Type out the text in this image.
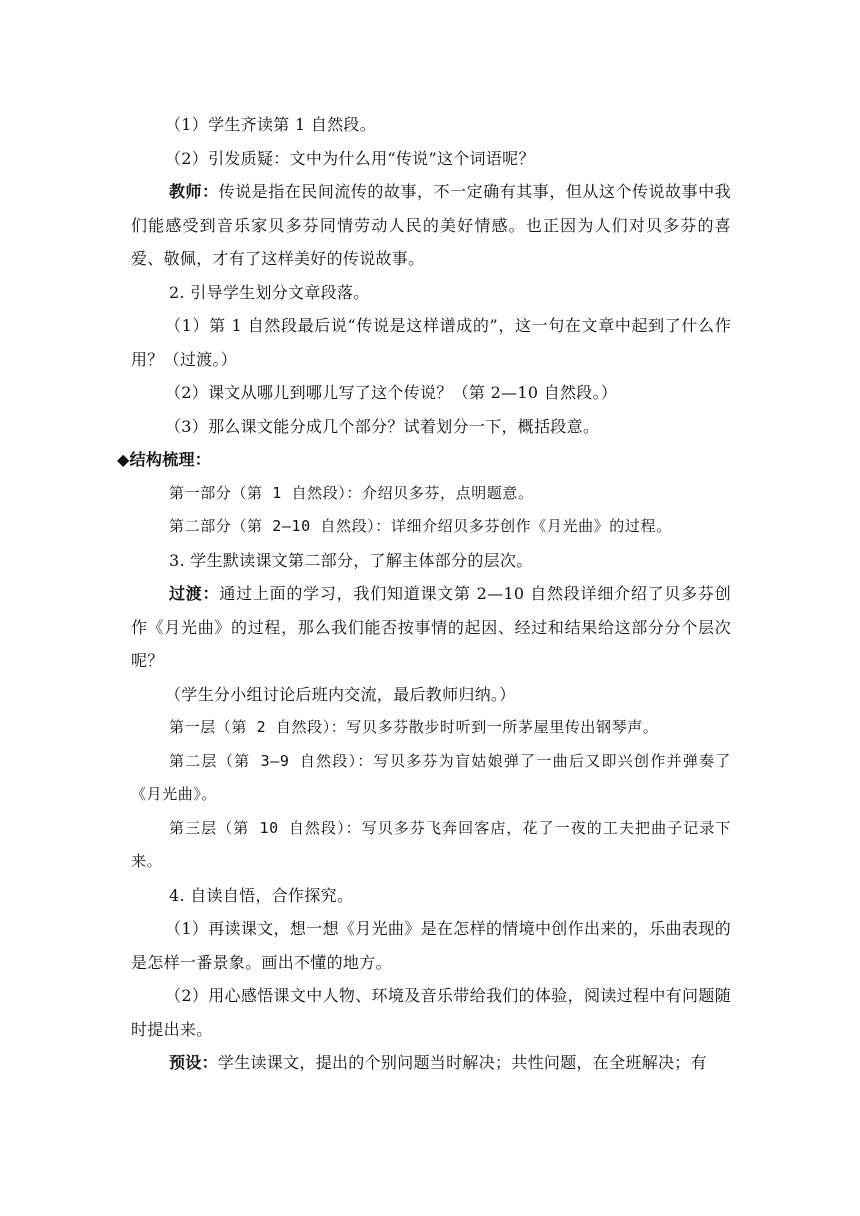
（1）学生齐读第 1 自然段。

（2）引发质疑：文中为什么用“传说”这个词语呢？

教师：传说是指在民间流传的故事，不一定确有其事，但从这个传说故事中我们能感受到音乐家贝多芬同情劳动人民的美好情感。也正因为人们对贝多芬的喜爱、敬佩，才有了这样美好的传说故事。

2. 引导学生划分文章段落。

（1）第 1 自然段最后说“传说是这样谱成的”，这一句在文章中起到了什么作用？（过渡。）

（2）课文从哪儿到哪儿写了这个传说？（第 2—10 自然段。）

（3）那么课文能分成几个部分？试着划分一下，概括段意。

◆结构梳理：

第一部分（第 1 自然段）：介绍贝多芬，点明题意。

第二部分（第 2—10 自然段）：详细介绍贝多芬创作《月光曲》的过程。

3. 学生默读课文第二部分，了解主体部分的层次。

过渡：通过上面的学习，我们知道课文第 2—10 自然段详细介绍了贝多芬创作《月光曲》的过程，那么我们能否按事情的起因、经过和结果给这部分分个层次呢？

（学生分小组讨论后班内交流，最后教师归纳。）

第一层（第 2 自然段）：写贝多芬散步时听到一所茅屋里传出钢琴声。

第二层（第 3—9 自然段）：写贝多芬为盲姑娘弹了一曲后又即兴创作并弹奏了《月光曲》。

第三层（第 10 自然段）：写贝多芬飞奔回客店，花了一夜的工夫把曲子记录下来。

4. 自读自悟，合作探究。

（1）再读课文，想一想《月光曲》是在怎样的情境中创作出来的，乐曲表现的是怎样一番景象。画出不懂的地方。

（2）用心感悟课文中人物、环境及音乐带给我们的体验，阅读过程中有问题随时提出来。

预设：学生读课文，提出的个别问题当时解决；共性问题，在全班解决；有
